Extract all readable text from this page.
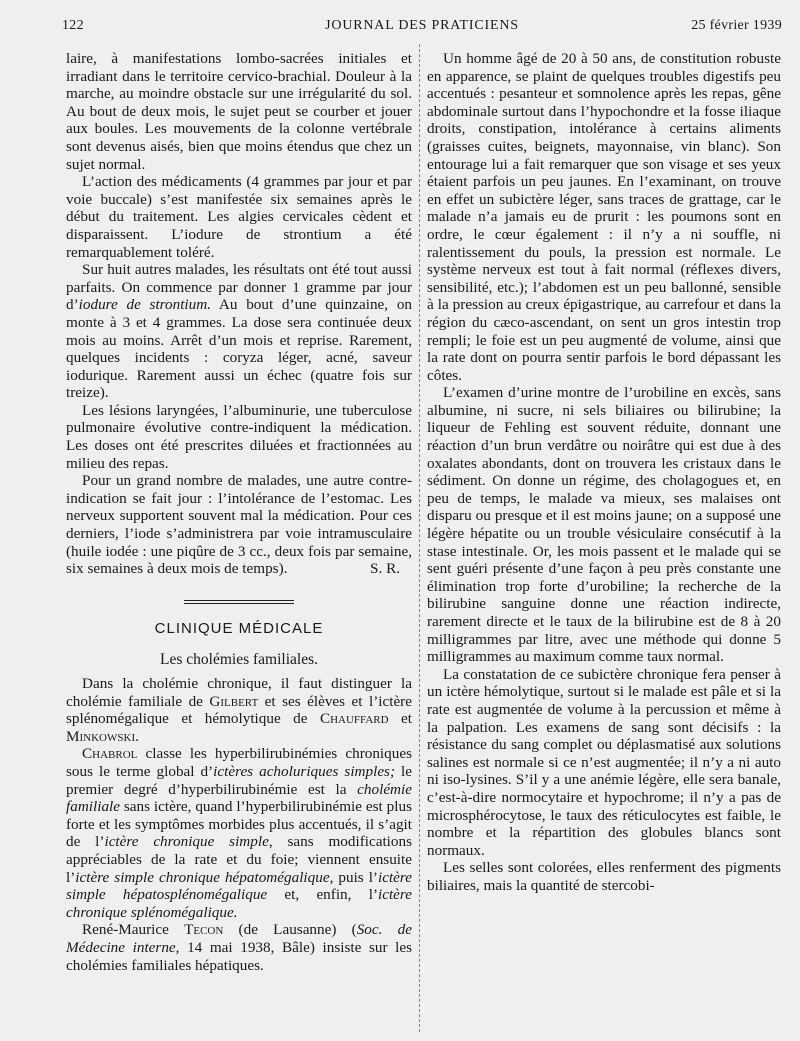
122	JOURNAL DES PRATICIENS	25 février 1939

laire, à manifestations lombo-sacrées initiales et irradiant dans le territoire cervico-brachial. Douleur à la marche, au moindre obstacle sur une irrégularité du sol. Au bout de deux mois, le sujet peut se courber et jouer aux boules. Les mouvements de la colonne vertébrale sont devenus aisés, bien que moins étendus que chez un sujet normal.

L’action des médicaments (4 grammes par jour et par voie buccale) s’est manifestée six semaines après le début du traitement. Les algies cervicales cèdent et disparaissent. L’iodure de strontium a été remarquablement toléré.

Sur huit autres malades, les résultats ont été tout aussi parfaits. On commence par donner 1 gramme par jour d’iodure de strontium. Au bout d’une quinzaine, on monte à 3 et 4 grammes. La dose sera continuée deux mois au moins. Arrêt d’un mois et reprise. Rarement, quelques incidents : coryza léger, acné, saveur iodurique. Rarement aussi un échec (quatre fois sur treize).

Les lésions laryngées, l’albuminurie, une tuberculose pulmonaire évolutive contre-indiquent la médication. Les doses ont été prescrites diluées et fractionnées au milieu des repas.

Pour un grand nombre de malades, une autre contre-indication se fait jour : l’intolérance de l’estomac. Les nerveux supportent souvent mal la médication. Pour ces derniers, l’iode s’administrera par voie intramusculaire (huile iodée : une piqûre de 3 cc., deux fois par semaine, six semaines à deux mois de temps).	S. R.

CLINIQUE MÉDICALE
Les cholémies familiales.

Dans la cholémie chronique, il faut distinguer la cholémie familiale de Gilbert et ses élèves et l’ictère splénomégalique et hémolytique de Chauffard et Minkowski.

Chabrol classe les hyperbilirubinémies chroniques sous le terme global d’ictères acholuriques simples; le premier degré d’hyperbilirubinémie est la cholémie familiale sans ictère, quand l’hyperbilirubinémie est plus forte et les symptômes morbides plus accentués, il s’agit de l’ictère chronique simple, sans modifications appréciables de la rate et du foie; viennent ensuite l’ictère simple chronique hépatomégalique, puis l’ictère simple hépatosplénomégalique et, enfin, l’ictère chronique splénomégalique.

René-Maurice Tecon (de Lausanne) (Soc. de Médecine interne, 14 mai 1938, Bâle) insiste sur les cholémies familiales hépatiques.

Un homme âgé de 20 à 50 ans, de constitution robuste en apparence, se plaint de quelques troubles digestifs peu accentués : pesanteur et somnolence après les repas, gêne abdominale surtout dans l’hypochondre et la fosse iliaque droits, constipation, intolérance à certains aliments (graisses cuites, beignets, mayonnaise, vin blanc). Son entourage lui a fait remarquer que son visage et ses yeux étaient parfois un peu jaunes. En l’examinant, on trouve en effet un subictère léger, sans traces de grattage, car le malade n’a jamais eu de prurit : les poumons sont en ordre, le cœur également : il n’y a ni souffle, ni ralentissement du pouls, la pression est normale. Le système nerveux est tout à fait normal (réflexes divers, sensibilité, etc.); l’abdomen est un peu ballonné, sensible à la pression au creux épigastrique, au carrefour et dans la région du cæco-ascendant, on sent un gros intestin trop rempli; le foie est un peu augmenté de volume, ainsi que la rate dont on pourra sentir parfois le bord dépassant les côtes.

L’examen d’urine montre de l’urobiline en excès, sans albumine, ni sucre, ni sels biliaires ou bilirubine; la liqueur de Fehling est souvent réduite, donnant une réaction d’un brun verdâtre ou noirâtre qui est due à des oxalates abondants, dont on trouvera les cristaux dans le sédiment. On donne un régime, des cholagogues et, en peu de temps, le malade va mieux, ses malaises ont disparu ou presque et il est moins jaune; on a supposé une légère hépatite ou un trouble vésiculaire consécutif à la stase intestinale. Or, les mois passent et le malade qui se sent guéri présente d’une façon à peu près constante une élimination trop forte d’urobiline; la recherche de la bilirubine sanguine donne une réaction indirecte, rarement directe et le taux de la bilirubine est de 8 à 20 milligrammes par litre, avec une méthode qui donne 5 milligrammes au maximum comme taux normal.

La constatation de ce subictère chronique fera penser à un ictère hémolytique, surtout si le malade est pâle et si la rate est augmentée de volume à la percussion et même à la palpation. Les examens de sang sont décisifs : la résistance du sang complet ou déplasmatisé aux solutions salines est normale si ce n’est augmentée; il n’y a ni auto ni iso-lysines. S’il y a une anémie légère, elle sera banale, c’est-à-dire normocytaire et hypochrome; il n’y a pas de microsphérocytose, le taux des réticulocytes est faible, le nombre et la répartition des globules blancs sont normaux.

Les selles sont colorées, elles renferment des pigments biliaires, mais la quantité de stercobi-
